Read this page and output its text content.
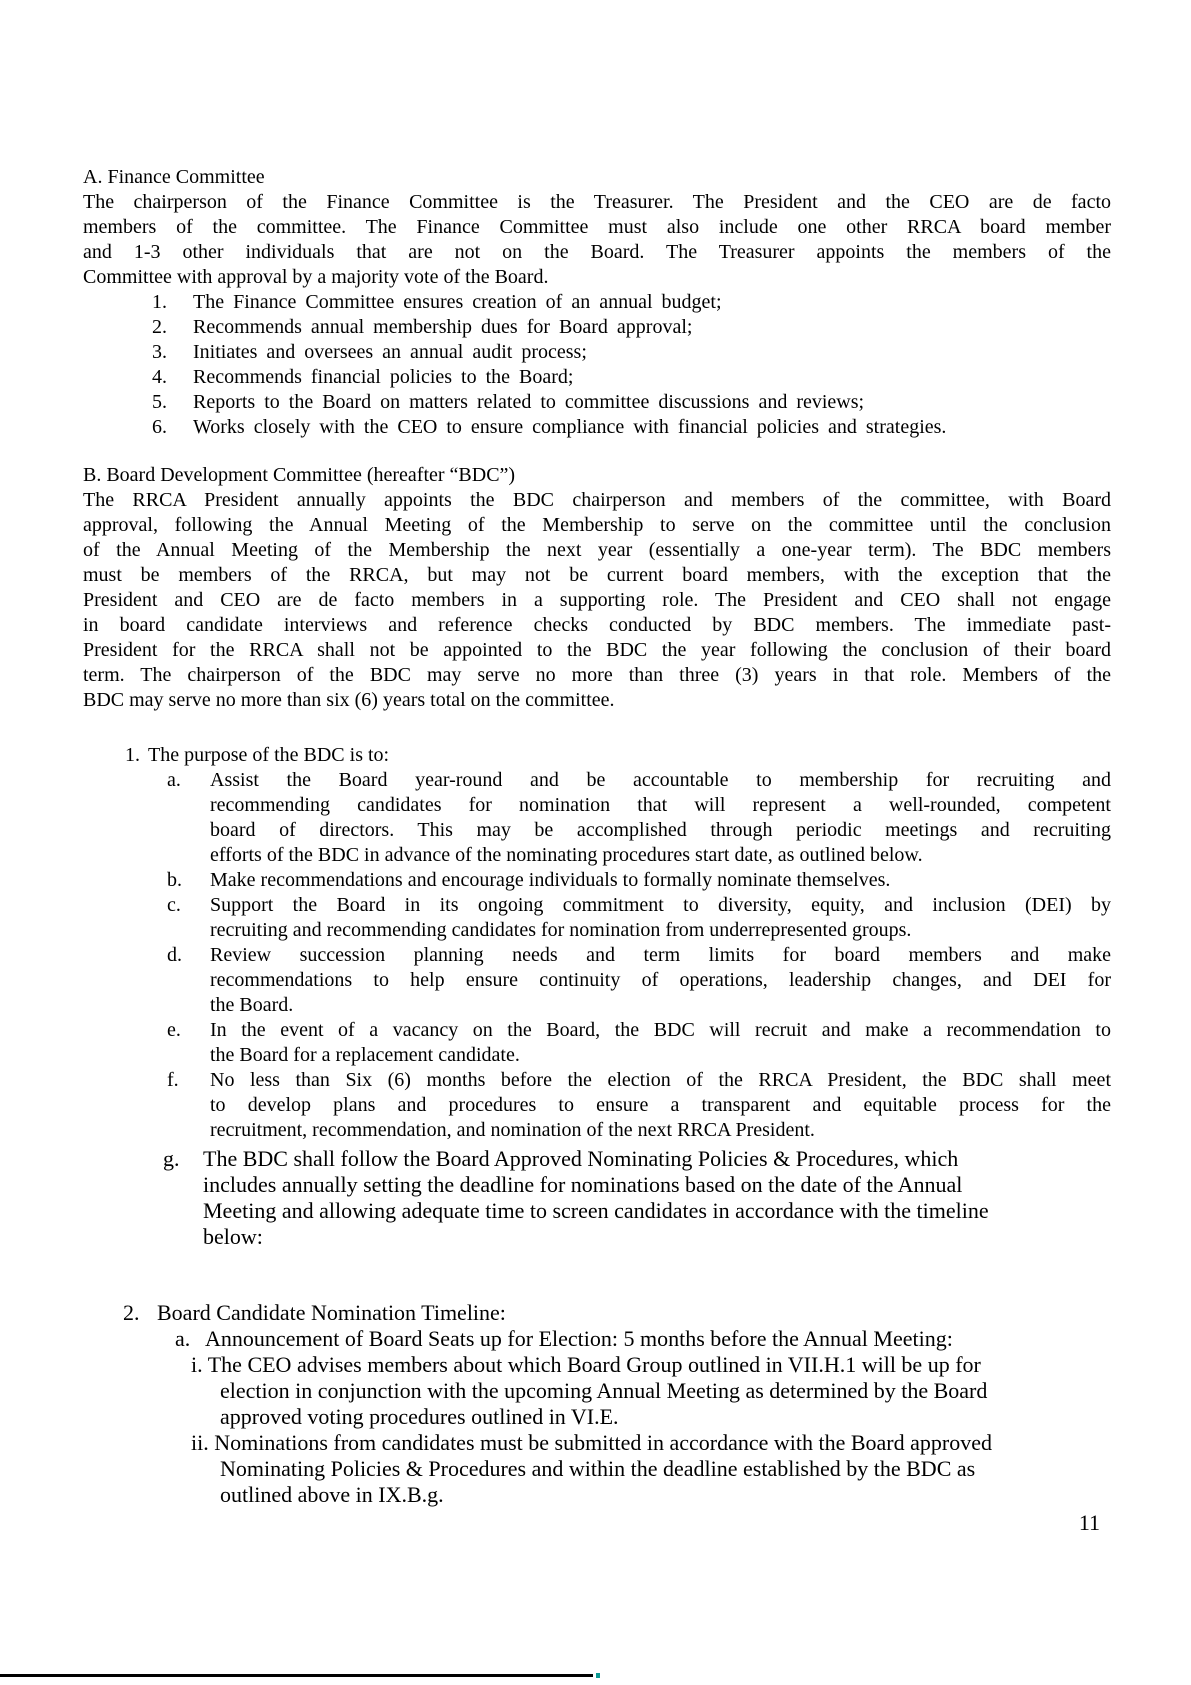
A. Finance Committee
The chairperson of the Finance Committee is the Treasurer. The President and the CEO are de facto
members of the committee. The Finance Committee must also include one other RRCA board member
and 1-3 other individuals that are not on the Board. The Treasurer appoints the members of the
Committee with approval by a majority vote of the Board.
1. The Finance Committee ensures creation of an annual budget;
2. Recommends annual membership dues for Board approval;
3. Initiates and oversees an annual audit process;
4. Recommends financial policies to the Board;
5. Reports to the Board on matters related to committee discussions and reviews;
6. Works closely with the CEO to ensure compliance with financial policies and strategies.
B. Board Development Committee (hereafter “BDC”)
The RRCA President annually appoints the BDC chairperson and members of the committee, with Board
approval, following the Annual Meeting of the Membership to serve on the committee until the conclusion
of the Annual Meeting of the Membership the next year (essentially a one-year term). The BDC members
must be members of the RRCA, but may not be current board members, with the exception that the
President and CEO are de facto members in a supporting role. The President and CEO shall not engage
in board candidate interviews and reference checks conducted by BDC members. The immediate past-
President for the RRCA shall not be appointed to the BDC the year following the conclusion of their board
term. The chairperson of the BDC may serve no more than three (3) years in that role. Members of the
BDC may serve no more than six (6) years total on the committee.
1. The purpose of the BDC is to:
a. Assist the Board year-round and be accountable to membership for recruiting and
recommending candidates for nomination that will represent a well-rounded, competent
board of directors. This may be accomplished through periodic meetings and recruiting
efforts of the BDC in advance of the nominating procedures start date, as outlined below.
b. Make recommendations and encourage individuals to formally nominate themselves.
c. Support the Board in its ongoing commitment to diversity, equity, and inclusion (DEI) by
recruiting and recommending candidates for nomination from underrepresented groups.
d. Review succession planning needs and term limits for board members and make
recommendations to help ensure continuity of operations, leadership changes, and DEI for
the Board.
e. In the event of a vacancy on the Board, the BDC will recruit and make a recommendation to
the Board for a replacement candidate.
f. No less than Six (6) months before the election of the RRCA President, the BDC shall meet
to develop plans and procedures to ensure a transparent and equitable process for the
recruitment, recommendation, and nomination of the next RRCA President.
g. The BDC shall follow the Board Approved Nominating Policies & Procedures, which
includes annually setting the deadline for nominations based on the date of the Annual
Meeting and allowing adequate time to screen candidates in accordance with the timeline
below:
2. Board Candidate Nomination Timeline:
a. Announcement of Board Seats up for Election: 5 months before the Annual Meeting:
i. The CEO advises members about which Board Group outlined in VII.H.1 will be up for
election in conjunction with the upcoming Annual Meeting as determined by the Board
approved voting procedures outlined in VI.E.
ii. Nominations from candidates must be submitted in accordance with the Board approved
Nominating Policies & Procedures and within the deadline established by the BDC as
outlined above in IX.B.g.
11
